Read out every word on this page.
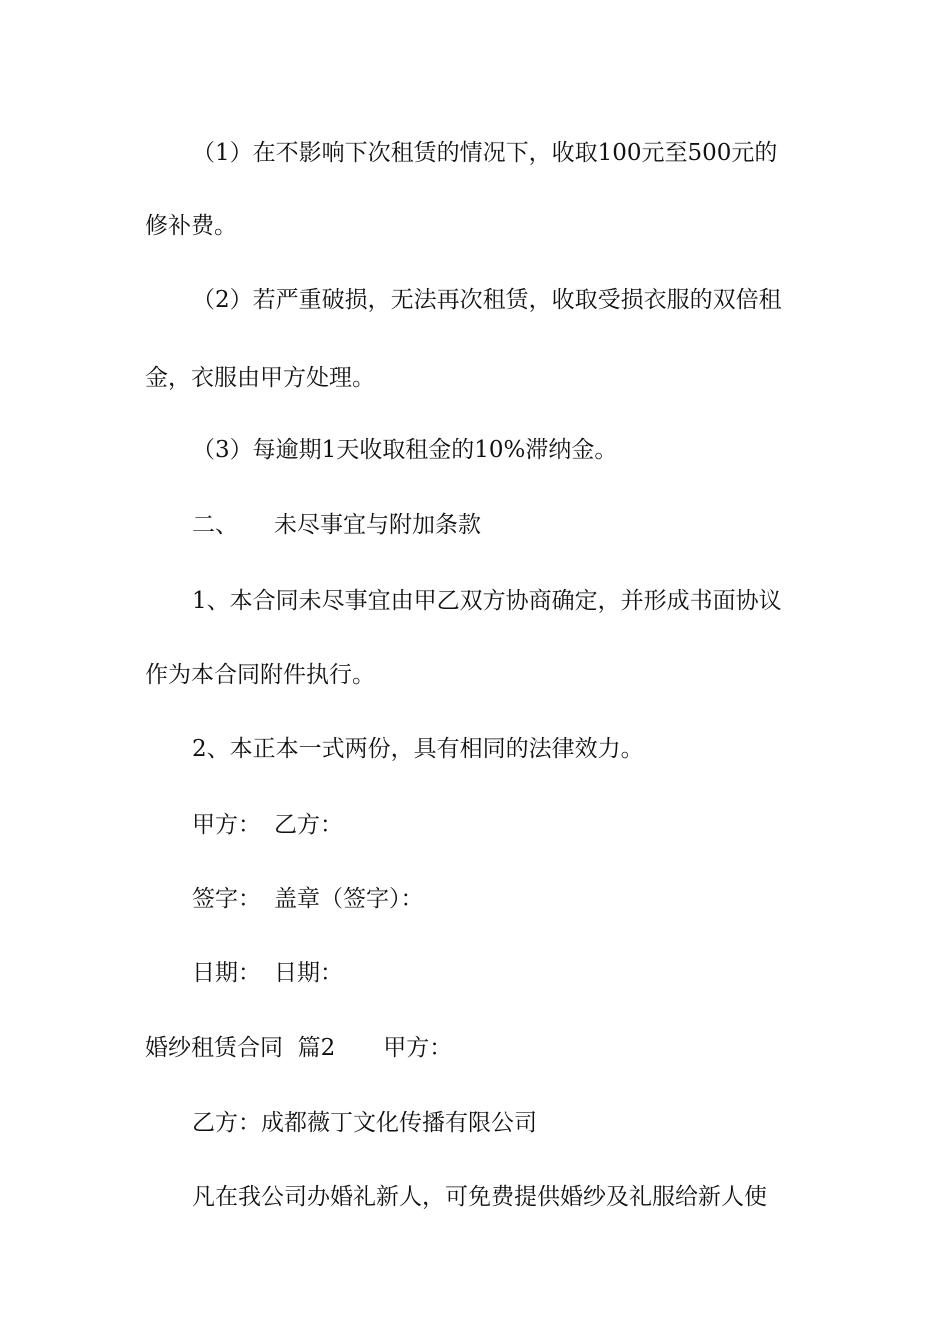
（1）在不影响下次租赁的情况下，收取100元至500元的

修补费。

（2）若严重破损，无法再次租赁，收取受损衣服的双倍租

金，衣服由甲方处理。

（3）每逾期1天收取租金的10%滞纳金。

二、 未尽事宜与附加条款

1、本合同未尽事宜由甲乙双方协商确定，并形成书面协议

作为本合同附件执行。

2、本正本一式两份，具有相同的法律效力。

甲方： 乙方：

签字： 盖章（签字）：

日期： 日期：

婚纱租赁合同  篇2 甲方：

乙方：成都薇丁文化传播有限公司

凡在我公司办婚礼新人，可免费提供婚纱及礼服给新人使
